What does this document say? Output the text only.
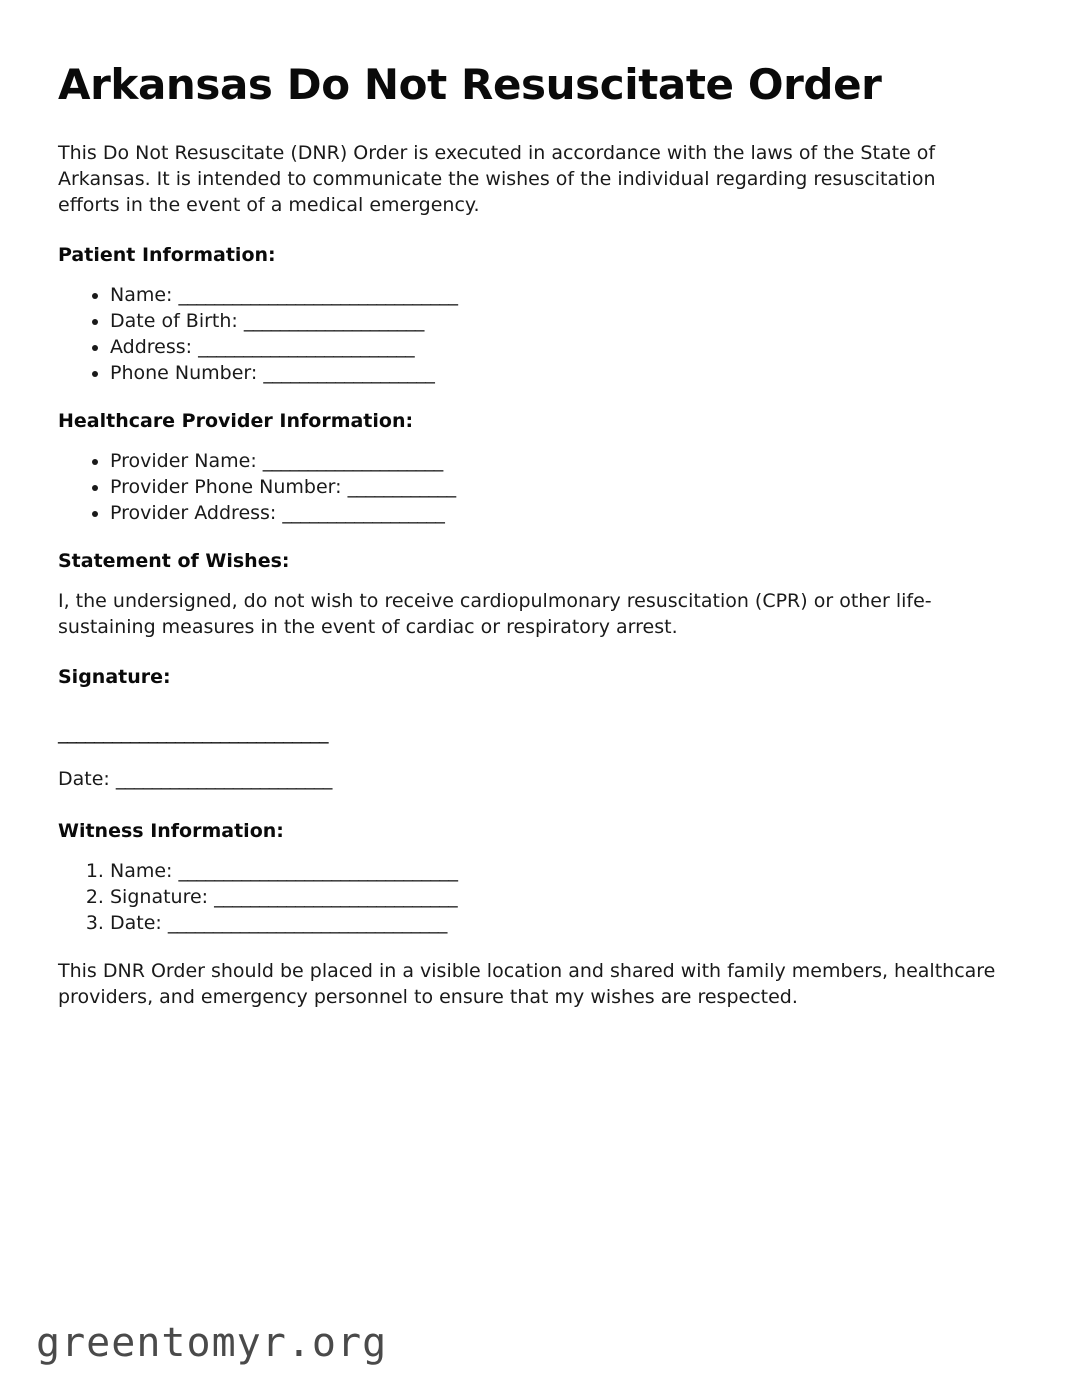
Arkansas Do Not Resuscitate Order

This Do Not Resuscitate (DNR) Order is executed in accordance with the laws of the State of Arkansas. It is intended to communicate the wishes of the individual regarding resuscitation efforts in the event of a medical emergency.

Patient Information:
• Name: _______________________________
• Date of Birth: ____________________
• Address: ________________________
• Phone Number: ___________________
Healthcare Provider Information:
• Provider Name: ____________________
• Provider Phone Number: ____________
• Provider Address: __________________
Statement of Wishes:

I, the undersigned, do not wish to receive cardiopulmonary resuscitation (CPR) or other life-sustaining measures in the event of cardiac or respiratory arrest.

Signature:

______________________________

Date: ________________________

Witness Information:
1. Name: _______________________________
2. Signature: ___________________________
3. Date: _______________________________

This DNR Order should be placed in a visible location and shared with family members, healthcare providers, and emergency personnel to ensure that my wishes are respected.

greentomyr.org
